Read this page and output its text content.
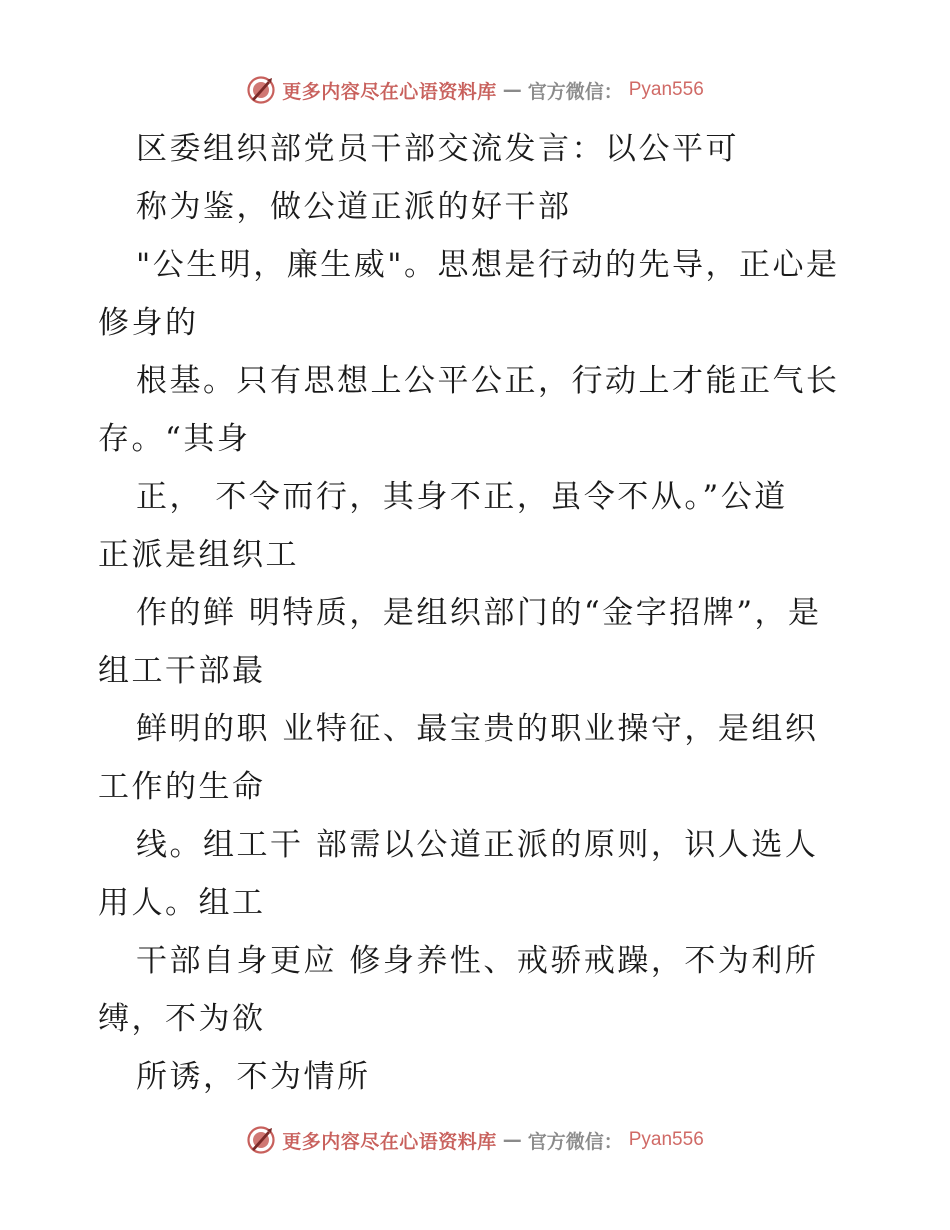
更多内容尽在心语资料库 — 官方微信： Pyan556

区委组织部党员干部交流发言：以公平可

称为鉴，做公道正派的好干部

"公生明，廉生威"。思想是行动的先导，正心是

修身的

根基。只有思想上公平公正，行动上才能正气长

存。“其身

正， 不令而行，其身不正，虽令不从。”公道

正派是组织工

作的鲜 明特质，是组织部门的“金字招牌”，是

组工干部最

鲜明的职 业特征、最宝贵的职业操守，是组织

工作的生命

线。组工干 部需以公道正派的原则，识人选人

用人。组工

干部自身更应 修身养性、戒骄戒躁，不为利所

缚，不为欲

所诱，不为情所

更多内容尽在心语资料库 — 官方微信： Pyan556
